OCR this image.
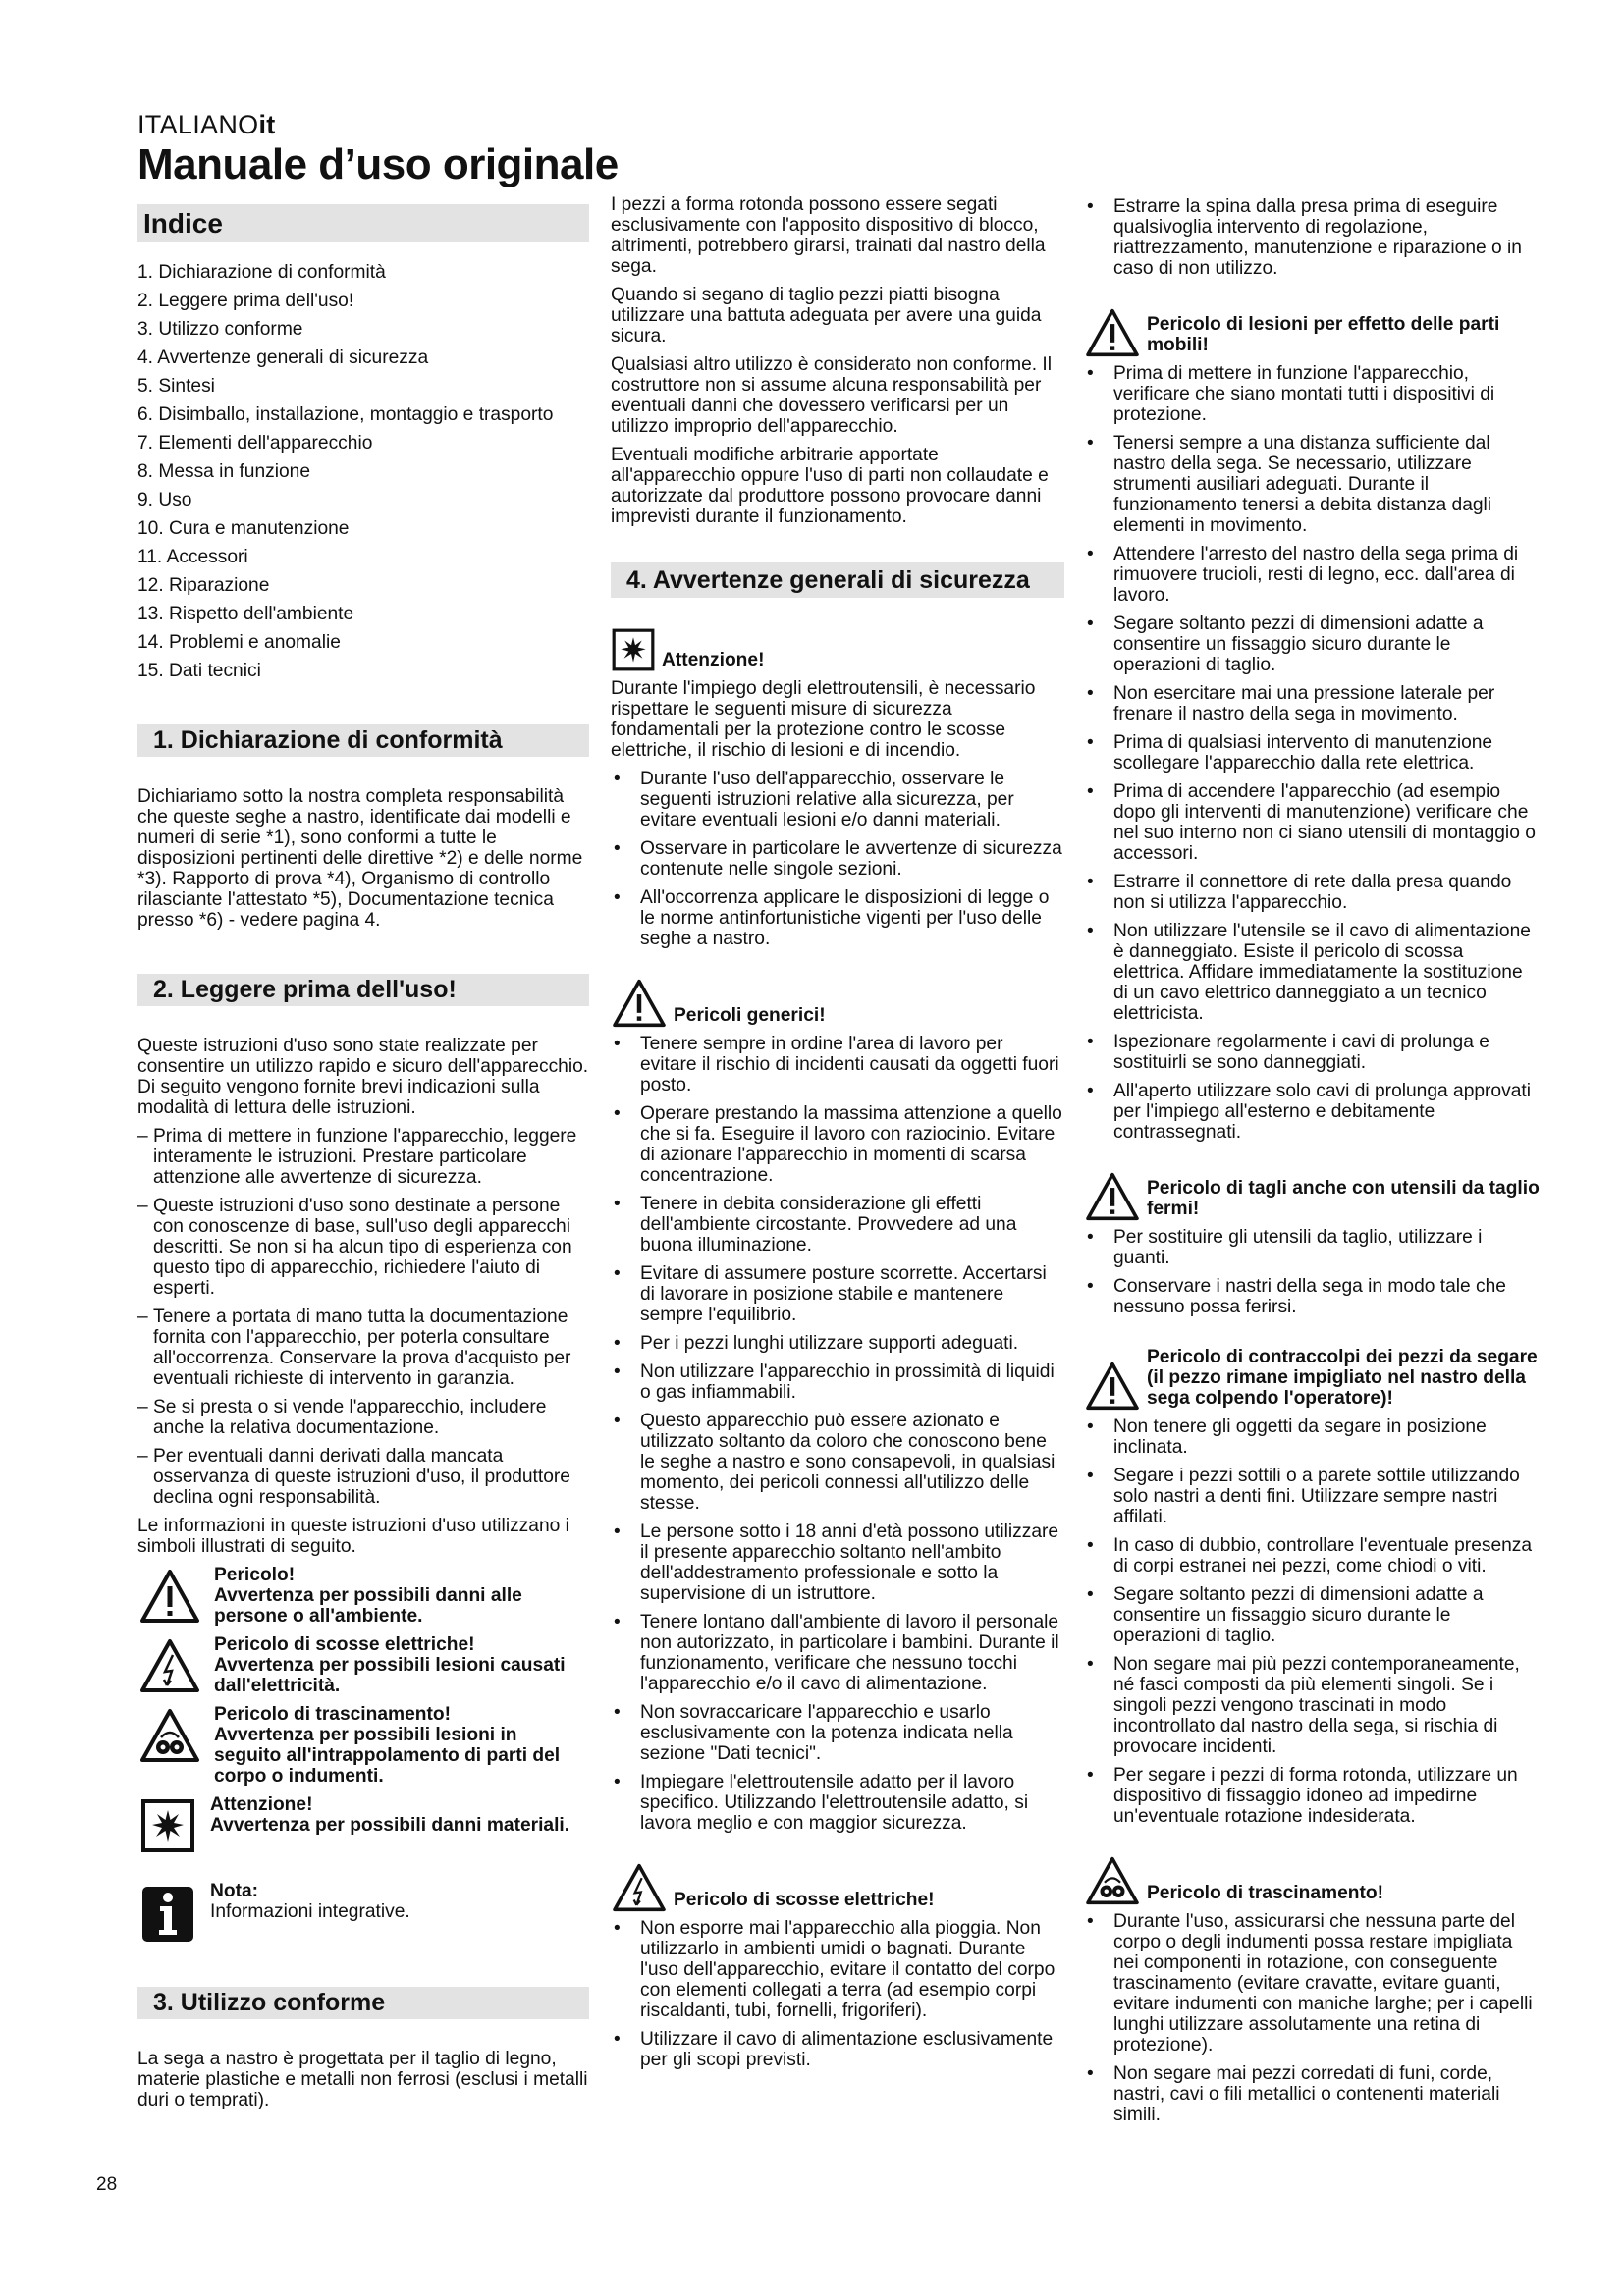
ITALIANOit
Manuale d’uso originale
Indice
1. Dichiarazione di conformità
2. Leggere prima dell'uso!
3. Utilizzo conforme
4. Avvertenze generali di sicurezza
5. Sintesi
6. Disimballo, installazione, montaggio e trasporto
7. Elementi dell'apparecchio
8. Messa in funzione
9. Uso
10. Cura e manutenzione
11. Accessori
12. Riparazione
13. Rispetto dell'ambiente
14. Problemi e anomalie
15. Dati tecnici
1. Dichiarazione di conformità

Dichiariamo sotto la nostra completa responsabilità che queste seghe a nastro, identificate dai modelli e numeri di serie *1), sono conformi a tutte le disposizioni pertinenti delle direttive *2) e delle norme *3). Rapporto di prova *4), Organismo di controllo rilasciante l'attestato *5), Documentazione tecnica presso *6) - vedere pagina 4.

2. Leggere prima dell'uso!

Queste istruzioni d'uso sono state realizzate per consentire un utilizzo rapido e sicuro dell'apparecchio. Di seguito vengono fornite brevi indicazioni sulla modalità di lettura delle istruzioni.

– Prima di mettere in funzione l'apparecchio, leggere interamente le istruzioni. Prestare particolare attenzione alle avvertenze di sicurezza.
– Queste istruzioni d'uso sono destinate a persone con conoscenze di base, sull'uso degli apparecchi descritti. Se non si ha alcun tipo di esperienza con questo tipo di apparecchio, richiedere l'aiuto di esperti.
– Tenere a portata di mano tutta la documentazione fornita con l'apparecchio, per poterla consultare all'occorrenza. Conservare la prova d'acquisto per eventuali richieste di intervento in garanzia.
– Se si presta o si vende l'apparecchio, includere anche la relativa documentazione.
– Per eventuali danni derivati dalla mancata osservanza di queste istruzioni d'uso, il produttore declina ogni responsabilità.

Le informazioni in queste istruzioni d'uso utilizzano i simboli illustrati di seguito.

Pericolo!
Avvertenza per possibili danni alle persone o all'ambiente.
Pericolo di scosse elettriche!
Avvertenza per possibili lesioni causati dall'elettricità.
Pericolo di trascinamento!
Avvertenza per possibili lesioni in seguito all'intrappolamento di parti del corpo o indumenti.
Attenzione!
Avvertenza per possibili danni materiali.
Nota:
Informazioni integrative.
3. Utilizzo conforme

La sega a nastro è progettata per il taglio di legno, materie plastiche e metalli non ferrosi (esclusi i metalli duri o temprati).

I pezzi a forma rotonda possono essere segati esclusivamente con l'apposito dispositivo di blocco, altrimenti, potrebbero girarsi, trainati dal nastro della sega.

Quando si segano di taglio pezzi piatti bisogna utilizzare una battuta adeguata per avere una guida sicura.

Qualsiasi altro utilizzo è considerato non conforme. Il costruttore non si assume alcuna responsabilità per eventuali danni che dovessero verificarsi per un utilizzo improprio dell'apparecchio.

Eventuali modifiche arbitrarie apportate all'apparecchio oppure l'uso di parti non collaudate e autorizzate dal produttore possono provocare danni imprevisti durante il funzionamento.

4. Avvertenze generali di sicurezza
Attenzione!

Durante l'impiego degli elettroutensili, è necessario rispettare le seguenti misure di sicurezza fondamentali per la protezione contro le scosse elettriche, il rischio di lesioni e di incendio.

• Durante l'uso dell'apparecchio, osservare le seguenti istruzioni relative alla sicurezza, per evitare eventuali lesioni e/o danni materiali.
• Osservare in particolare le avvertenze di sicurezza contenute nelle singole sezioni.
• All'occorrenza applicare le disposizioni di legge o le norme antinfortunistiche vigenti per l'uso delle seghe a nastro.
Pericoli generici!
• Tenere sempre in ordine l'area di lavoro per evitare il rischio di incidenti causati da oggetti fuori posto.
• Operare prestando la massima attenzione a quello che si fa. Eseguire il lavoro con raziocinio. Evitare di azionare l'apparecchio in momenti di scarsa concentrazione.
• Tenere in debita considerazione gli effetti dell'ambiente circostante. Provvedere ad una buona illuminazione.
• Evitare di assumere posture scorrette. Accertarsi di lavorare in posizione stabile e mantenere sempre l'equilibrio.
• Per i pezzi lunghi utilizzare supporti adeguati.
• Non utilizzare l'apparecchio in prossimità di liquidi o gas infiammabili.
• Questo apparecchio può essere azionato e utilizzato soltanto da coloro che conoscono bene le seghe a nastro e sono consapevoli, in qualsiasi momento, dei pericoli connessi all'utilizzo delle stesse.
• Le persone sotto i 18 anni d'età possono utilizzare il presente apparecchio soltanto nell'ambito dell'addestramento professionale e sotto la supervisione di un istruttore.
• Tenere lontano dall'ambiente di lavoro il personale non autorizzato, in particolare i bambini. Durante il funzionamento, verificare che nessuno tocchi l'apparecchio e/o il cavo di alimentazione.
• Non sovraccaricare l'apparecchio e usarlo esclusivamente con la potenza indicata nella sezione "Dati tecnici".
• Impiegare l'elettroutensile adatto per il lavoro specifico. Utilizzando l'elettroutensile adatto, si lavora meglio e con maggior sicurezza.
Pericolo di scosse elettriche!
• Non esporre mai l'apparecchio alla pioggia. Non utilizzarlo in ambienti umidi o bagnati. Durante l'uso dell'apparecchio, evitare il contatto del corpo con elementi collegati a terra (ad esempio corpi riscaldanti, tubi, fornelli, frigoriferi).
• Utilizzare il cavo di alimentazione esclusivamente per gli scopi previsti.
• Estrarre la spina dalla presa prima di eseguire qualsivoglia intervento di regolazione, riattrezzamento, manutenzione e riparazione o in caso di non utilizzo.
Pericolo di lesioni per effetto delle parti mobili!
• Prima di mettere in funzione l'apparecchio, verificare che siano montati tutti i dispositivi di protezione.
• Tenersi sempre a una distanza sufficiente dal nastro della sega. Se necessario, utilizzare strumenti ausiliari adeguati. Durante il funzionamento tenersi a debita distanza dagli elementi in movimento.
• Attendere l'arresto del nastro della sega prima di rimuovere trucioli, resti di legno, ecc. dall'area di lavoro.
• Segare soltanto pezzi di dimensioni adatte a consentire un fissaggio sicuro durante le operazioni di taglio.
• Non esercitare mai una pressione laterale per frenare il nastro della sega in movimento.
• Prima di qualsiasi intervento di manutenzione scollegare l'apparecchio dalla rete elettrica.
• Prima di accendere l'apparecchio (ad esempio dopo gli interventi di manutenzione) verificare che nel suo interno non ci siano utensili di montaggio o accessori.
• Estrarre il connettore di rete dalla presa quando non si utilizza l'apparecchio.
• Non utilizzare l'utensile se il cavo di alimentazione è danneggiato. Esiste il pericolo di scossa elettrica. Affidare immediatamente la sostituzione di un cavo elettrico danneggiato a un tecnico elettricista.
• Ispezionare regolarmente i cavi di prolunga e sostituirli se sono danneggiati.
• All'aperto utilizzare solo cavi di prolunga approvati per l'impiego all'esterno e debitamente contrassegnati.
Pericolo di tagli anche con utensili da taglio fermi!
• Per sostituire gli utensili da taglio, utilizzare i guanti.
• Conservare i nastri della sega in modo tale che nessuno possa ferirsi.
Pericolo di contraccolpi dei pezzi da segare (il pezzo rimane impigliato nel nastro della sega colpendo l'operatore)!
• Non tenere gli oggetti da segare in posizione inclinata.
• Segare i pezzi sottili o a parete sottile utilizzando solo nastri a denti fini. Utilizzare sempre nastri affilati.
• In caso di dubbio, controllare l'eventuale presenza di corpi estranei nei pezzi, come chiodi o viti.
• Segare soltanto pezzi di dimensioni adatte a consentire un fissaggio sicuro durante le operazioni di taglio.
• Non segare mai più pezzi contemporaneamente, né fasci composti da più elementi singoli. Se i singoli pezzi vengono trascinati in modo incontrollato dal nastro della sega, si rischia di provocare incidenti.
• Per segare i pezzi di forma rotonda, utilizzare un dispositivo di fissaggio idoneo ad impedirne un'eventuale rotazione indesiderata.
Pericolo di trascinamento!
• Durante l'uso, assicurarsi che nessuna parte del corpo o degli indumenti possa restare impigliata nei componenti in rotazione, con conseguente trascinamento (evitare cravatte, evitare guanti, evitare indumenti con maniche larghe; per i capelli lunghi utilizzare assolutamente una retina di protezione).
• Non segare mai pezzi corredati di funi, corde, nastri, cavi o fili metallici o contenenti materiali simili.
28
